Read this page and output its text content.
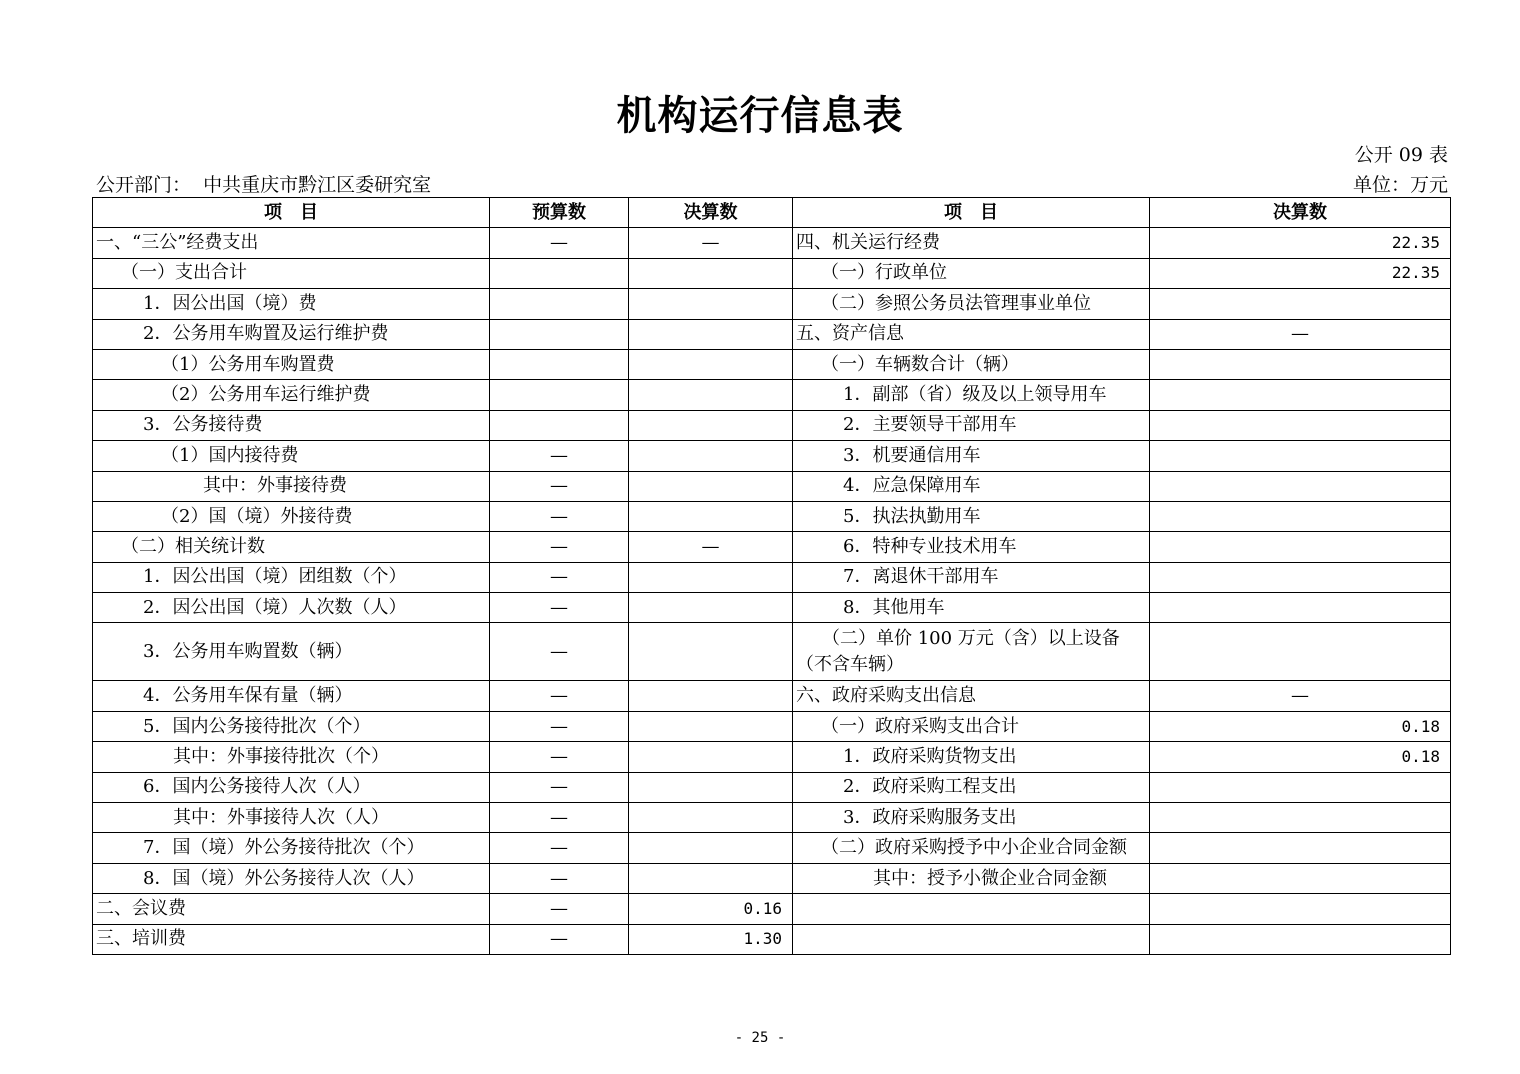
机构运行信息表
公开 09 表
公开部门： 中共重庆市黔江区委研究室	单位：万元
项　目	预算数	决算数	项　目	决算数
一、“三公”经费支出	—	—	四、机关运行经费	22.35
（一）支出合计			（一）行政单位	22.35
1．因公出国（境）费			（二）参照公务员法管理事业单位	
2．公务用车购置及运行维护费			五、资产信息	—
（1）公务用车购置费			（一）车辆数合计（辆）	
（2）公务用车运行维护费			1．副部（省）级及以上领导用车	
3．公务接待费			2．主要领导干部用车	
（1）国内接待费	—		3．机要通信用车	
其中：外事接待费	—		4．应急保障用车	
（2）国（境）外接待费	—		5．执法执勤用车	
（二）相关统计数	—	—	6．特种专业技术用车	
1．因公出国（境）团组数（个）	—		7．离退休干部用车	
2．因公出国（境）人次数（人）	—		8．其他用车	
3．公务用车购置数（辆）	—		（二）单价 100 万元（含）以上设备（不含车辆）	
4．公务用车保有量（辆）	—		六、政府采购支出信息	—
5．国内公务接待批次（个）	—		（一）政府采购支出合计	0.18
其中：外事接待批次（个）	—		1．政府采购货物支出	0.18
6．国内公务接待人次（人）	—		2．政府采购工程支出	
其中：外事接待人次（人）	—		3．政府采购服务支出	
7．国（境）外公务接待批次（个）	—		（二）政府采购授予中小企业合同金额	
8．国（境）外公务接待人次（人）	—		其中：授予小微企业合同金额	
二、会议费	—	0.16		
三、培训费	—	1.30		
- 25 -
